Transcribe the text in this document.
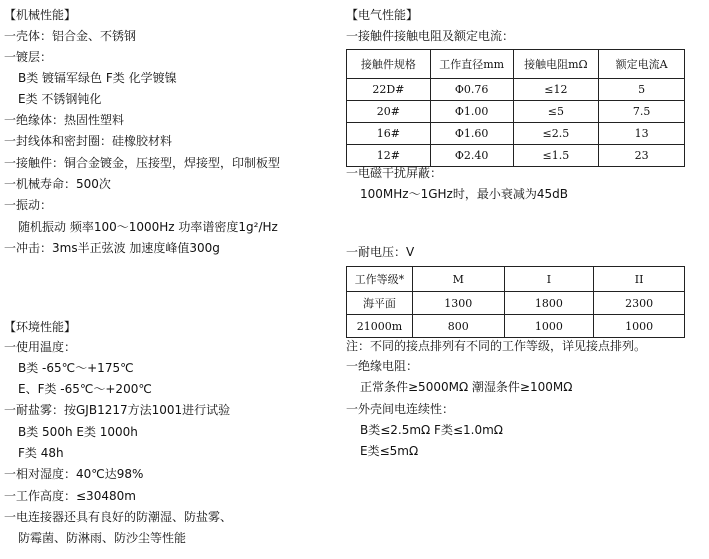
【机械性能】
一壳体：铝合金、不锈钢
一镀层：
B类 镀镉军绿色 F类 化学镀镍
E类 不锈钢钝化
一绝缘体：热固性塑料
一封线体和密封圈：硅橡胶材料
一接触件：铜合金镀金，压接型，焊接型，印制板型
一机械寿命：500次
一振动：
随机振动 频率100～1000Hz 功率谱密度1g²/Hz
一冲击：3ms半正弦波 加速度峰值300g
【环境性能】
一使用温度：
B类 -65℃～+175℃
E、F类 -65℃～+200℃
一耐盐雾：按GJB1217方法1001进行试验
B类 500h E类 1000h
F类 48h
一相对湿度：40℃达98%
一工作高度：≤30480m
一电连接器还具有良好的防潮湿、防盐雾、
防霉菌、防淋雨、防沙尘等性能
【电气性能】
一接触件接触电阻及额定电流：
接触件规格	工作直径mm	接触电阻mΩ	额定电流A
22D#	Φ0.76	≤12	5
20#	Φ1.00	≤5	7.5
16#	Φ1.60	≤2.5	13
12#	Φ2.40	≤1.5	23
一电磁干扰屏蔽：
100MHz～1GHz时，最小衰减为45dB
一耐电压：V
工作等级*	M	I	II
海平面	1300	1800	2300
21000m	800	1000	1000
注：不同的接点排列有不同的工作等级，详见接点排列。
一绝缘电阻：
正常条件≥5000MΩ 潮湿条件≥100MΩ
一外壳间电连续性：
B类≤2.5mΩ F类≤1.0mΩ
E类≤5mΩ
